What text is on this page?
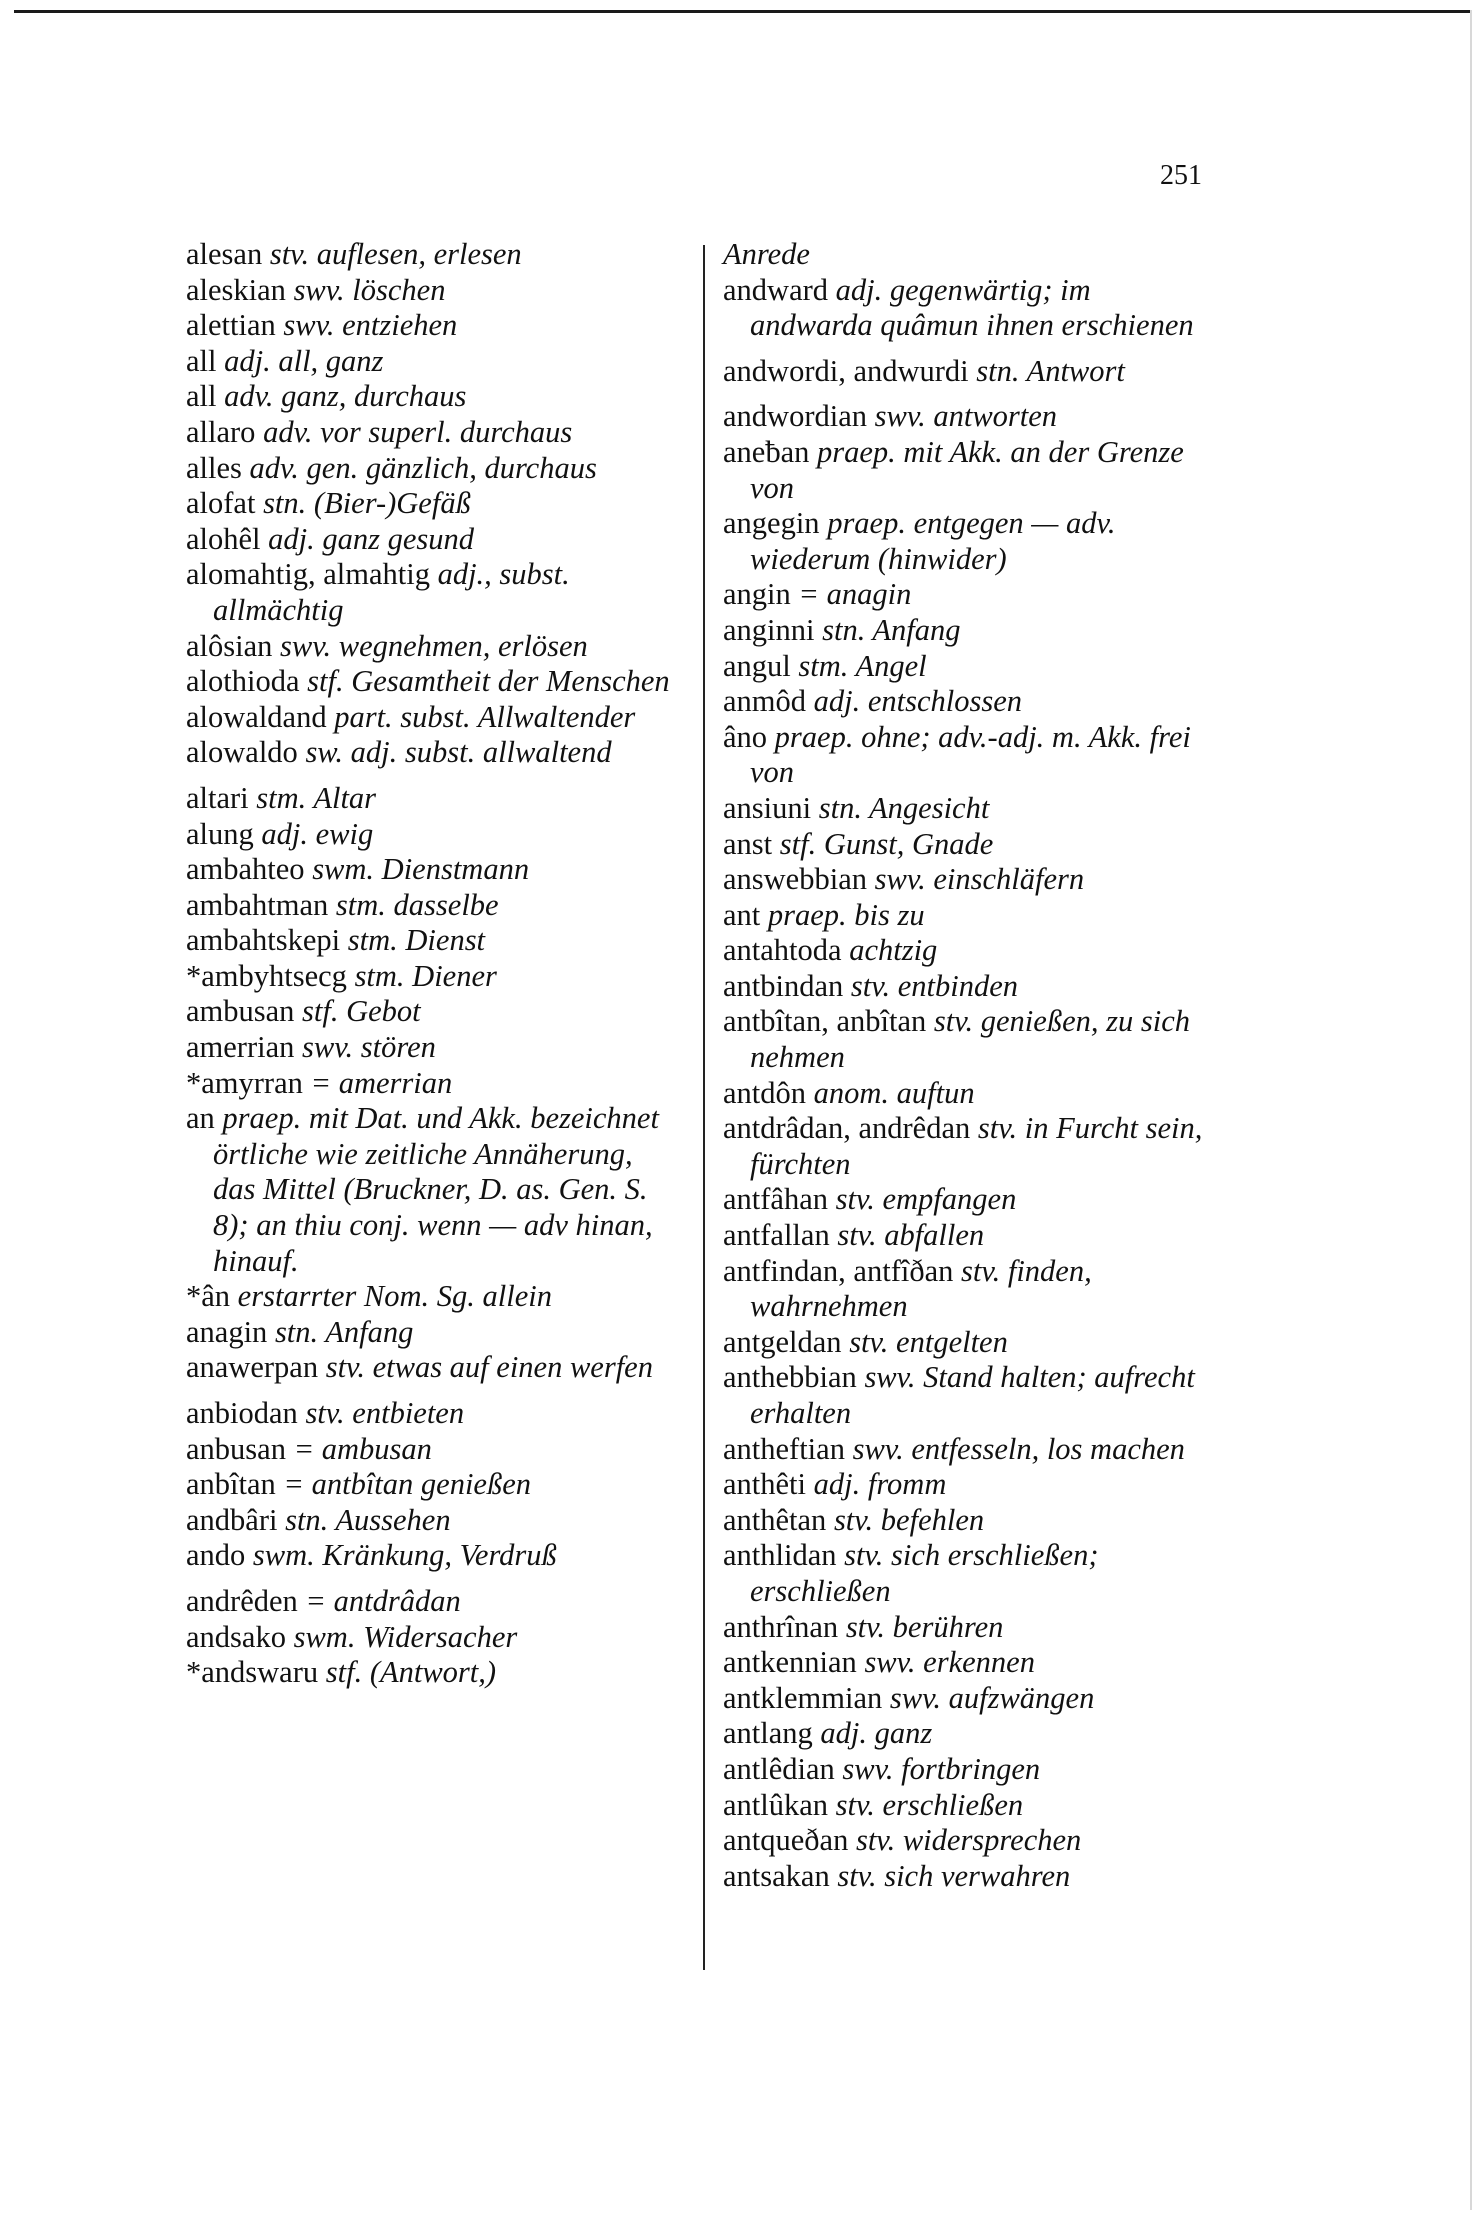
251
alesan stv. auflesen, erlesen
aleskian swv. löschen
alettian swv. entziehen
all adj. all, ganz
all adv. ganz, durchaus
allaro adv. vor superl. durchaus
alles adv. gen. gänzlich, durchaus
alofat stn. (Bier-)Gefäß
alohêl adj. ganz gesund
alomahtig, almahtig adj., subst. allmächtig
alôsian swv. wegnehmen, erlösen
alothioda stf. Gesamtheit der Menschen
alowaldand part. subst. Allwaltender
alowaldo sw. adj. subst. allwaltend
altari stm. Altar
alung adj. ewig
ambahteo swm. Dienstmann
ambahtman stm. dasselbe
ambahtskepi stm. Dienst
*ambyhtsecg stm. Diener
ambusan stf. Gebot
amerrian swv. stören
*amyrran = amerrian
an praep. mit Dat. und Akk. bezeichnet örtliche wie zeitliche Annäherung, das Mittel (Bruckner, D. as. Gen. S. 8); an thiu conj. wenn — adv hinan, hinauf.
*ân erstarrter Nom. Sg. allein
anagin stn. Anfang
anawerpan stv. etwas auf einen werfen
anbiodan stv. entbieten
anbusan = ambusan
anbîtan = antbîtan genießen
andbâri stn. Aussehen
ando swm. Kränkung, Verdruß
andrêden = antdrâdan
andsako swm. Widersacher
*andswaru stf. (Antwort,)
Anrede
andward adj. gegenwärtig; im andwarda quâmun ihnen erschienen
andwordi, andwurdi stn. Antwort
andwordian swv. antworten
aneƀan praep. mit Akk. an der Grenze von
angegin praep. entgegen — adv. wiederum (hinwider)
angin = anagin
anginni stn. Anfang
angul stm. Angel
anmôd adj. entschlossen
âno praep. ohne; adv.-adj. m. Akk. frei von
ansiuni stn. Angesicht
anst stf. Gunst, Gnade
answebbian swv. einschläfern
ant praep. bis zu
antahtoda achtzig
antbindan stv. entbinden
antbîtan, anbîtan stv. genießen, zu sich nehmen
antdôn anom. auftun
antdrâdan, andrêdan stv. in Furcht sein, fürchten
antfâhan stv. empfangen
antfallan stv. abfallen
antfindan, antfîðan stv. finden, wahrnehmen
antgeldan stv. entgelten
anthebbian swv. Stand halten; aufrecht erhalten
antheftian swv. entfesseln, los machen
anthêti adj. fromm
anthêtan stv. befehlen
anthlidan stv. sich erschließen; erschließen
anthrînan stv. berühren
antkennian swv. erkennen
antklemmian swv. aufzwängen
antlang adj. ganz
antlêdian swv. fortbringen
antlûkan stv. erschließen
antqueðan stv. widersprechen
antsakan stv. sich verwahren
